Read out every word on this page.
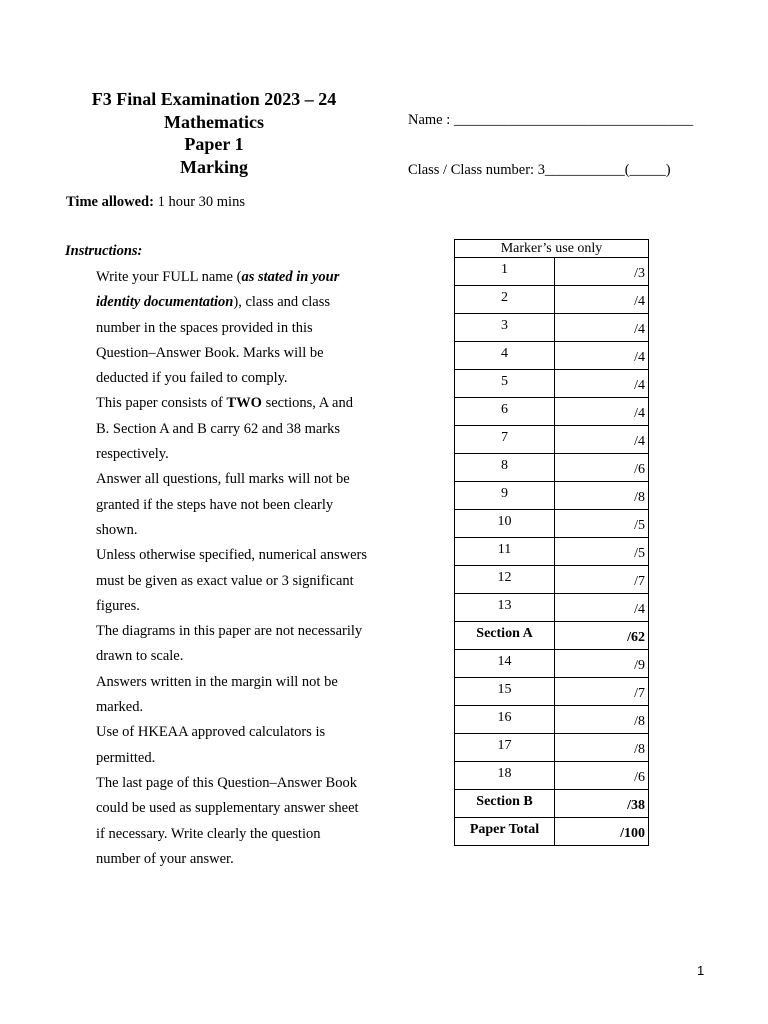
F3 Final Examination 2023 – 24
Mathematics
Paper 1
Marking
Name : _________________________________
Class / Class number: 3___________(_____)
Time allowed: 1 hour 30 mins
Instructions:

Write your FULL name (as stated in your identity documentation), class and class number in the spaces provided in this Question–Answer Book. Marks will be deducted if you failed to comply.

This paper consists of TWO sections, A and B. Section A and B carry 62 and 38 marks respectively.

Answer all questions, full marks will not be granted if the steps have not been clearly shown.

Unless otherwise specified, numerical answers must be given as exact value or 3 significant figures.

The diagrams in this paper are not necessarily drawn to scale.

Answers written in the margin will not be marked.

Use of HKEAA approved calculators is permitted.

The last page of this Question–Answer Book could be used as supplementary answer sheet if necessary. Write clearly the question number of your answer.

Marker’s use only	
1	/3
2	/4
3	/4
4	/4
5	/4
6	/4
7	/4
8	/6
9	/8
10	/5
11	/5
12	/7
13	/4
Section A	/62
14	/9
15	/7
16	/8
17	/8
18	/6
Section B	/38
Paper Total	/100
1
